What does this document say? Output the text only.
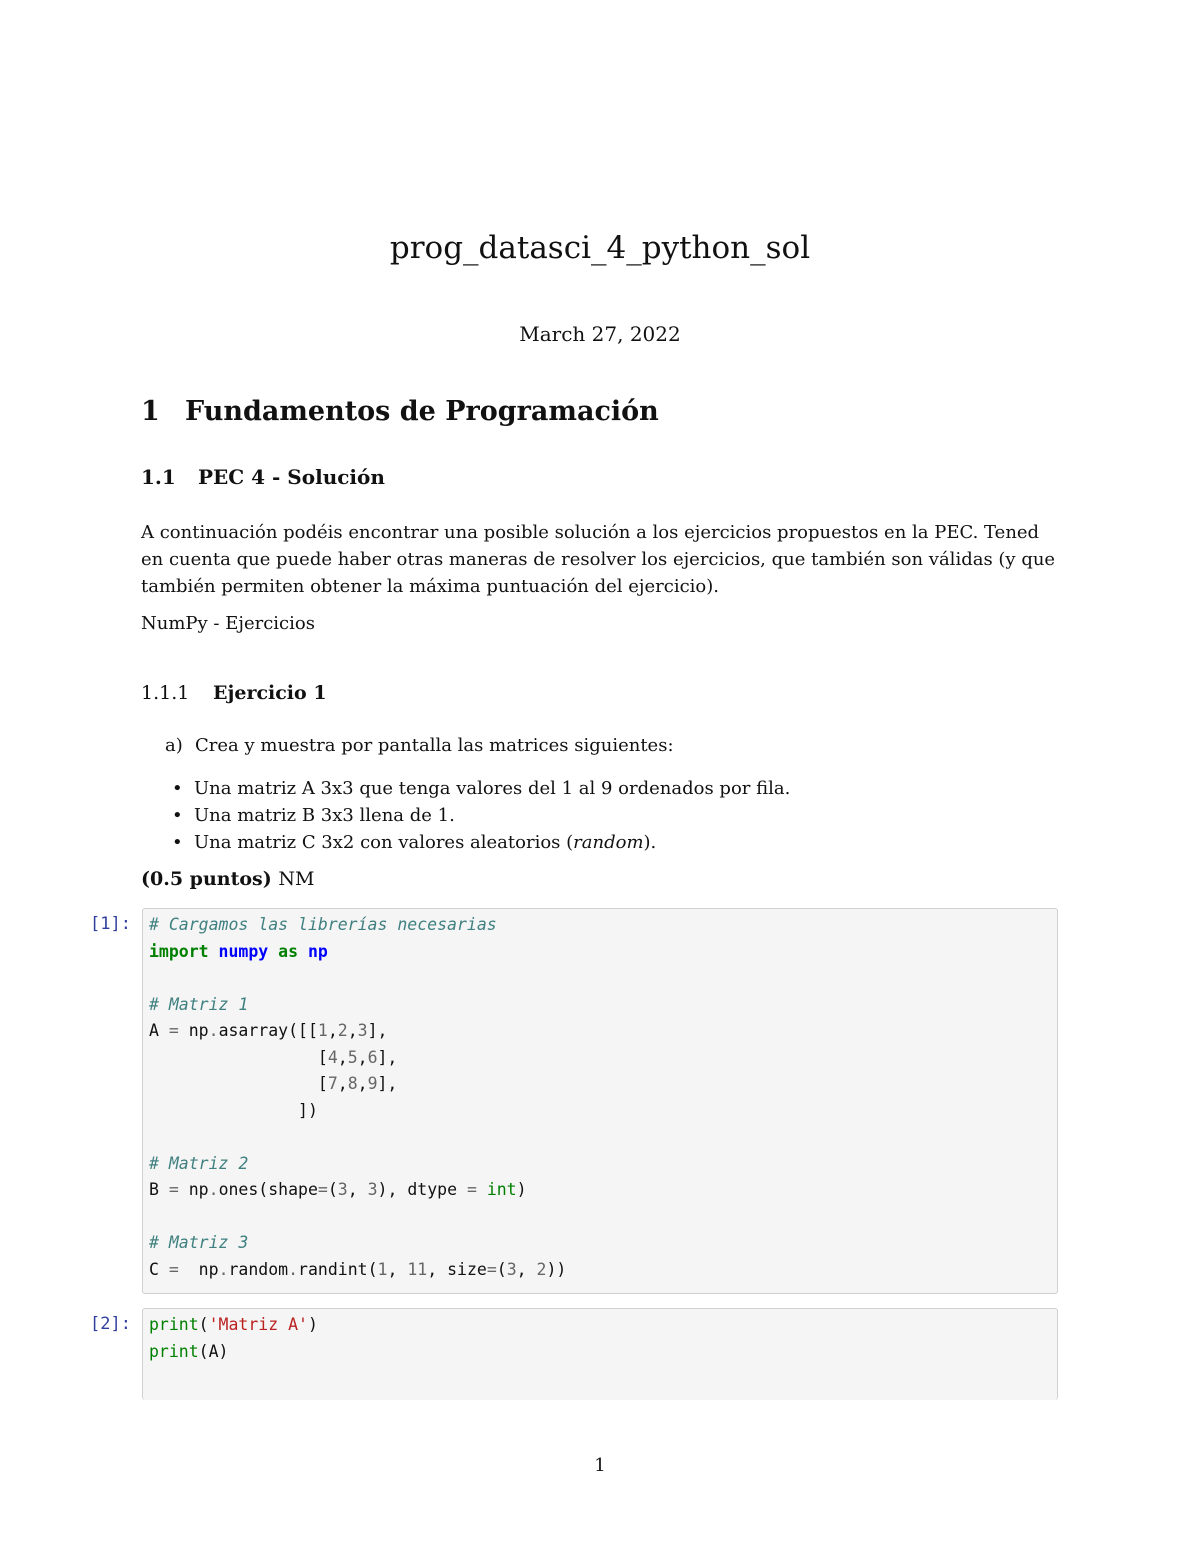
prog_datasci_4_python_sol
March 27, 2022
1 Fundamentos de Programación
1.1 PEC 4 - Solución
A continuación podéis encontrar una posible solución a los ejercicios propuestos en la PEC. Tened en cuenta que puede haber otras maneras de resolver los ejercicios, que también son válidas (y que también permiten obtener la máxima puntuación del ejercicio).
NumPy - Ejercicios
1.1.1 Ejercicio 1
a) Crea y muestra por pantalla las matrices siguientes:
• Una matriz A 3x3 que tenga valores del 1 al 9 ordenados por fila.
• Una matriz B 3x3 llena de 1.
• Una matriz C 3x2 con valores aleatorios (random).
(0.5 puntos) NM
[1]: # Cargamos las librerías necesarias
import numpy as np

# Matriz 1
A = np.asarray([[1,2,3],
[4,5,6],
[7,8,9],
])

# Matriz 2
B = np.ones(shape=(3, 3), dtype = int)

# Matriz 3
C =  np.random.randint(1, 11, size=(3, 2))
[2]: print('Matriz A')
print(A)
1
